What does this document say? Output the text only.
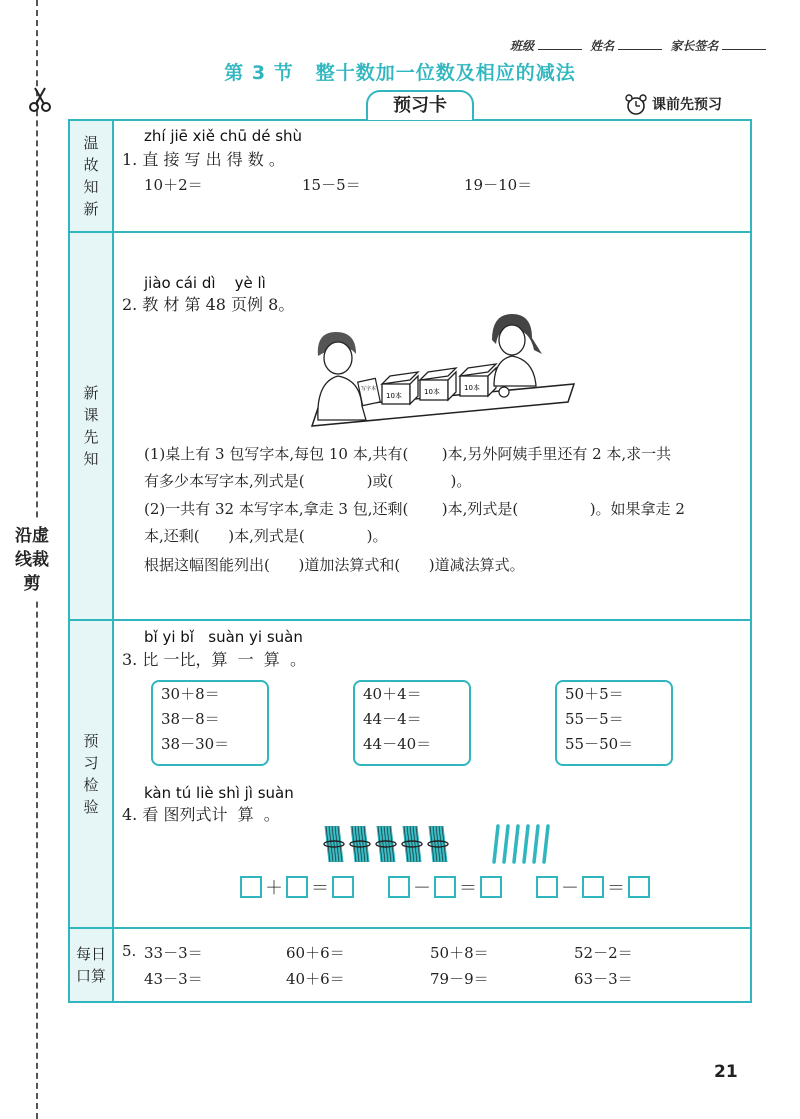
沿虚线裁剪
班级	姓名	家长签名
第 3 节 整十数加一位数及相应的减法
预习卡	课前先预习
温故知新
新课先知
预习检验
每日口算
zhí jiē xiě chū dé shù
1. 直 接 写 出 得 数 。
10＋2＝	15－5＝	19－10＝
jiào cái dì    yè lì
2. 教 材 第 48 页例 8。
写字本
10本	10本	10本
(1)桌上有 3 包写字本,每包 10 本,共有(       )本,另外阿姨手里还有 2 本,求一共
有多少本写字本,列式是(             )或(            )。
(2)一共有 32 本写字本,拿走 3 包,还剩(       )本,列式是(               )。如果拿走 2
本,还剩(      )本,列式是(             )。
根据这幅图能列出(      )道加法算式和(      )道减法算式。
bǐ yi bǐ   suàn yi suàn
3. 比 一比，算  一  算  。
30＋8＝
38－8＝
38－30＝
40＋4＝
44－4＝
44－40＝
50＋5＝
55－5＝
55－50＝
kàn tú liè shì jì suàn
4. 看 图列式计  算  。
＋ ＝	－ ＝	－ ＝
5. 33－3＝	60＋6＝	50＋8＝	52－2＝
43－3＝	40＋6＝	79－9＝	63－3＝
21
